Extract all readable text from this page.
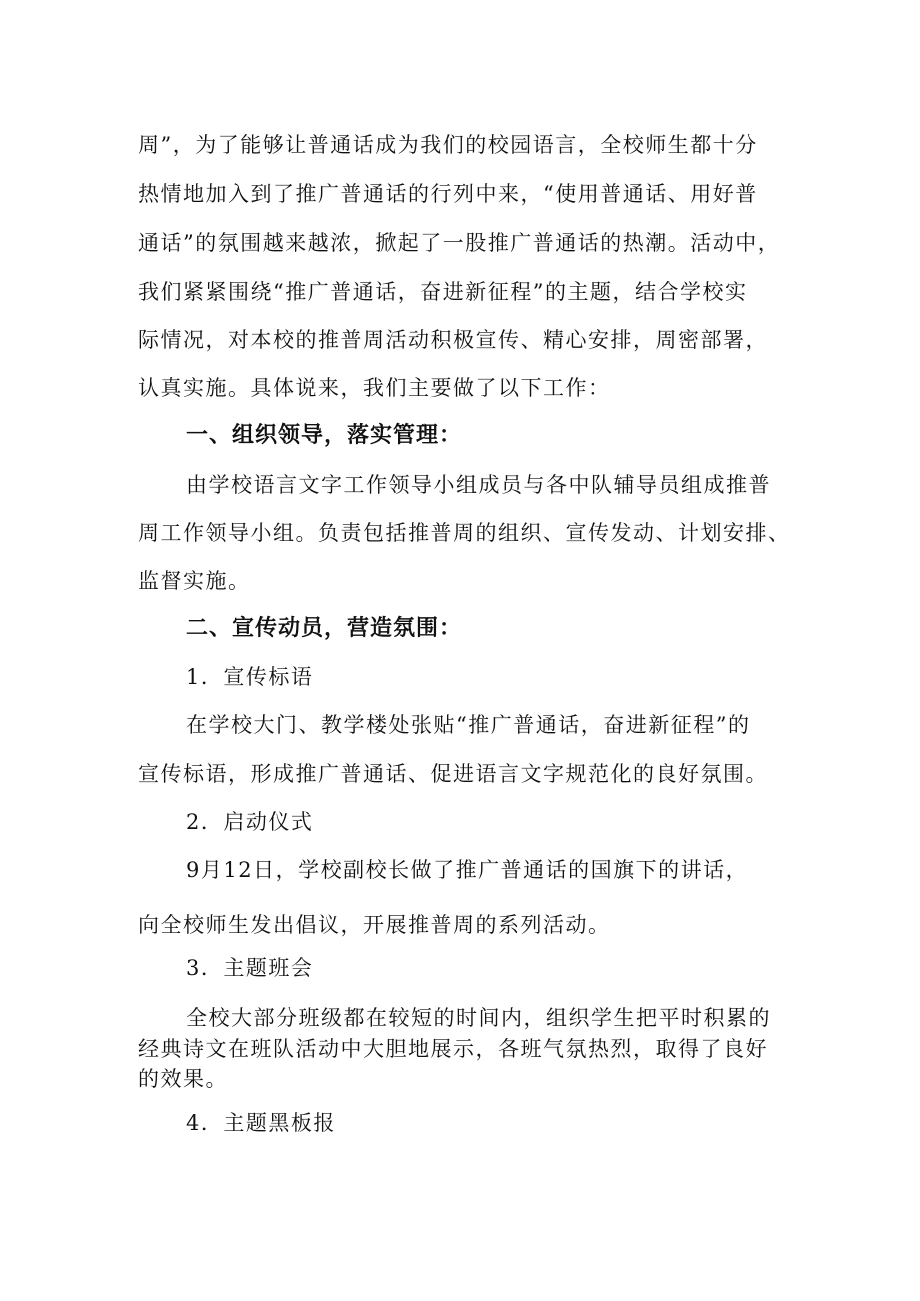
周”，为了能够让普通话成为我们的校园语言，全校师生都十分
热情地加入到了推广普通话的行列中来，“使用普通话、用好普
通话”的氛围越来越浓，掀起了一股推广普通话的热潮。活动中，
我们紧紧围绕“推广普通话，奋进新征程”的主题，结合学校实
际情况，对本校的推普周活动积极宣传、精心安排，周密部署，
认真实施。具体说来，我们主要做了以下工作：
一、组织领导，落实管理：
由学校语言文字工作领导小组成员与各中队辅导员组成推普
周工作领导小组。负责包括推普周的组织、宣传发动、计划安排、
监督实施。
二、宣传动员，营造氛围：
1．宣传标语
在学校大门、教学楼处张贴“推广普通话，奋进新征程”的
宣传标语，形成推广普通话、促进语言文字规范化的良好氛围。
2．启动仪式
9月12日，学校副校长做了推广普通话的国旗下的讲话，
向全校师生发出倡议，开展推普周的系列活动。
3．主题班会
全校大部分班级都在较短的时间内，组织学生把平时积累的
经典诗文在班队活动中大胆地展示，各班气氛热烈，取得了良好
的效果。
4．主题黑板报
